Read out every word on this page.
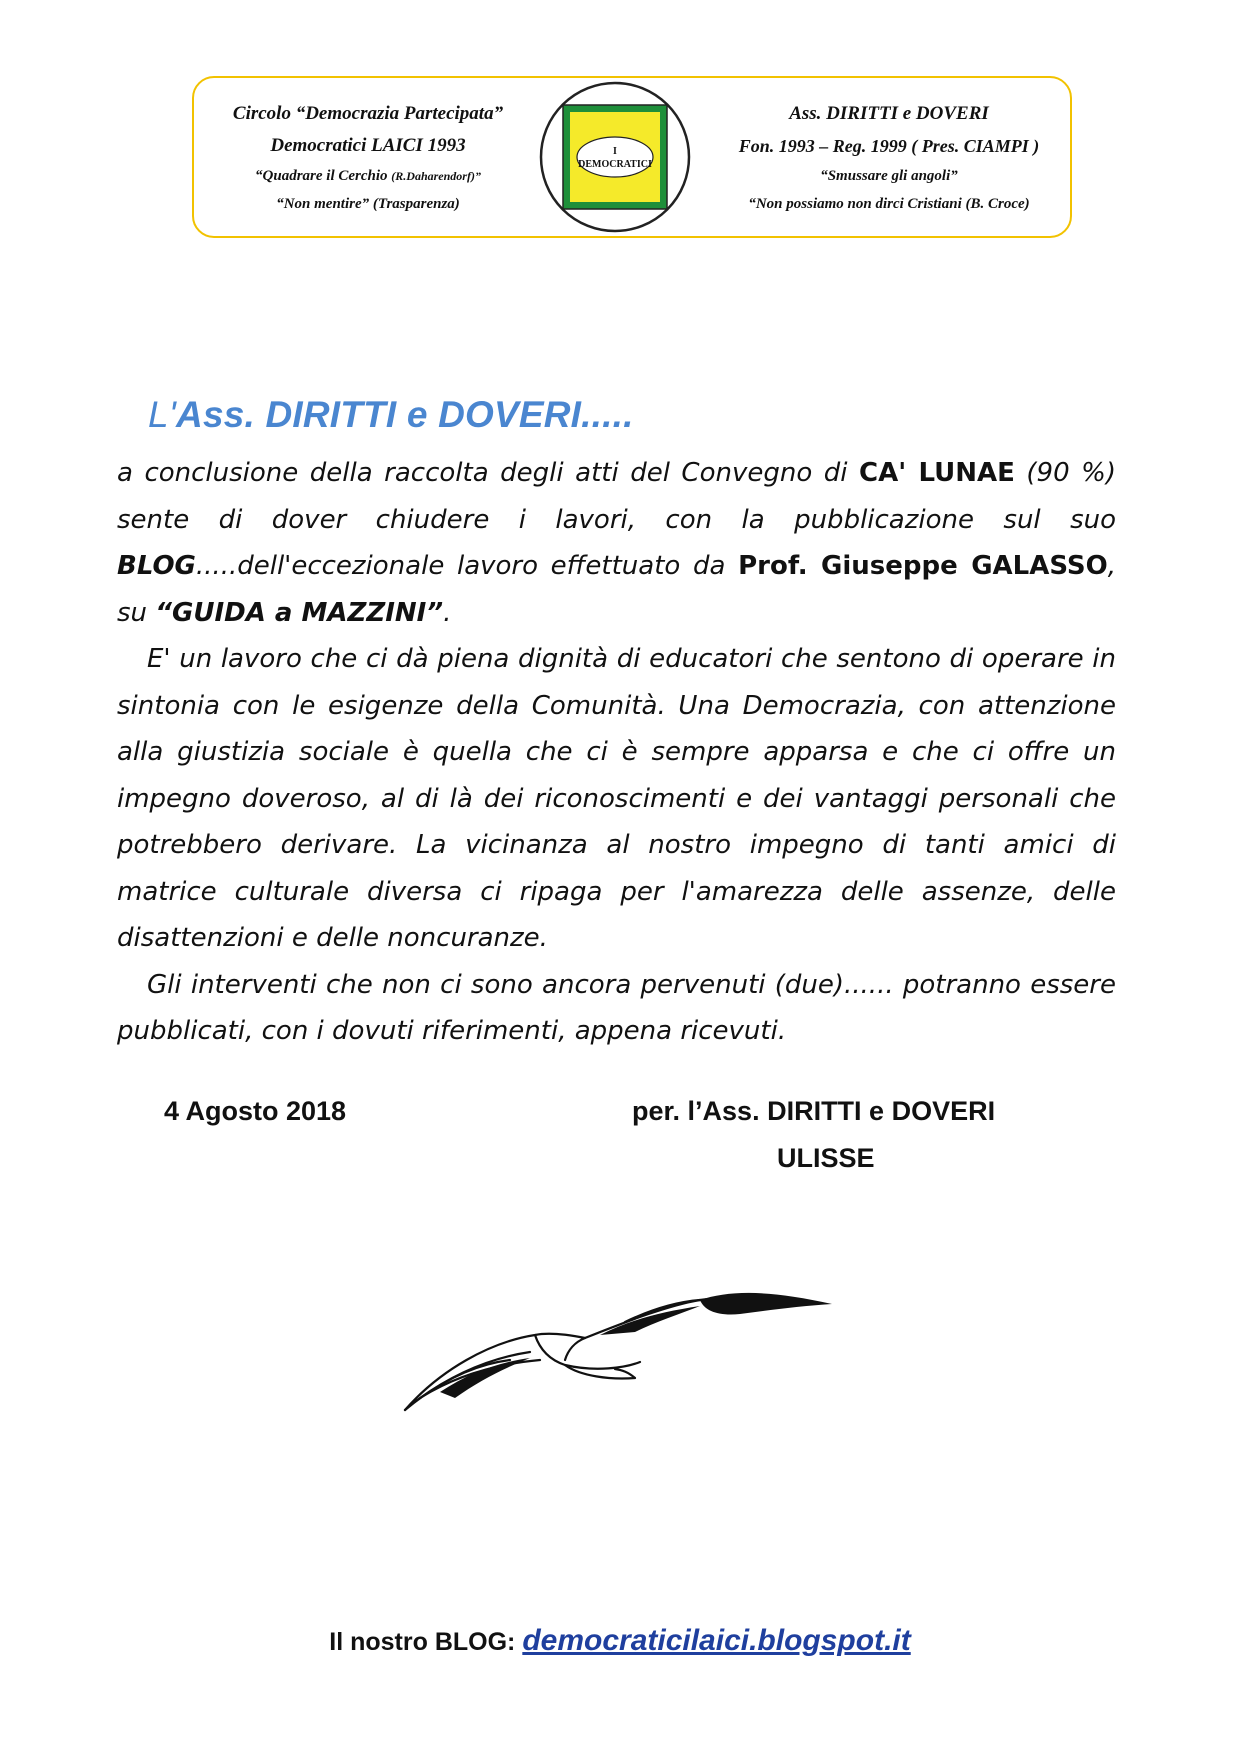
Circolo “Democrazia Partecipata”
Democratici LAICI 1993
“Quadrare il Cerchio (R.Daharendorf)”
“Non mentire” (Trasparenza)
Ass. DIRITTI e DOVERI
Fon. 1993 – Reg. 1999 ( Pres. CIAMPI )
“Smussare gli angoli”
“Non possiamo non dirci Cristiani (B. Croce)
I
DEMOCRATICI
L'Ass. DIRITTI e DOVERI.....

a conclusione della raccolta degli atti del Convegno di CA' LUNAE (90 %) sente di dover chiudere i lavori, con la pubblicazione sul suo BLOG.....dell'eccezionale lavoro effettuato da Prof. Giuseppe GALASSO, su “GUIDA a MAZZINI”.

E' un lavoro che ci dà piena dignità di educatori che sentono di operare in sintonia con le esigenze della Comunità. Una Democrazia, con attenzione alla giustizia sociale è quella che ci è sempre apparsa e che ci offre un impegno doveroso, al di là dei riconoscimenti e dei vantaggi personali che potrebbero derivare. La vicinanza al nostro impegno di tanti amici di matrice culturale diversa ci ripaga per l'amarezza delle assenze, delle disattenzioni e delle noncuranze.

Gli interventi che non ci sono ancora pervenuti (due)...... potranno essere pubblicati, con i dovuti riferimenti, appena ricevuti.

4 Agosto 2018	per. l’Ass. DIRITTI e DOVERI
ULISSE
Il nostro BLOG: democraticilaici.blogspot.it
